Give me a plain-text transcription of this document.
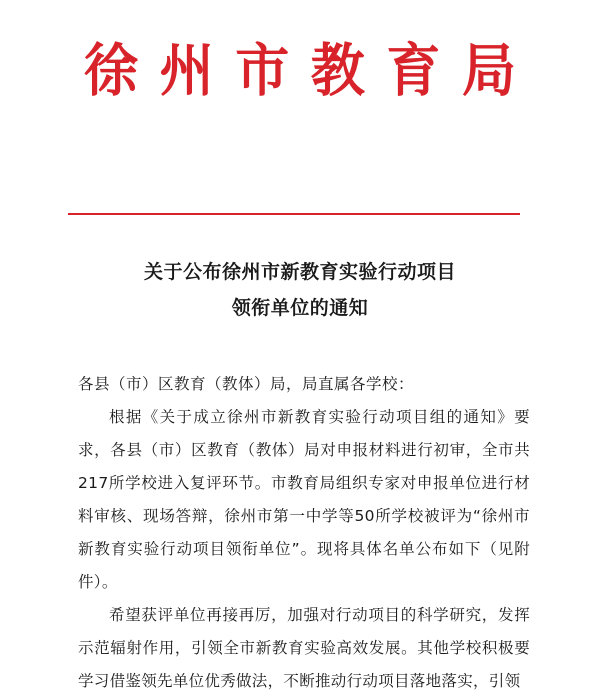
徐 州 市 教 育 局
关于公布徐州市新教育实验行动项目
领衔单位的通知

各县（市）区教育（教体）局，局直属各学校：

根据《关于成立徐州市新教育实验行动项目组的通知》要求，各县（市）区教育（教体）局对申报材料进行初审，全市共217所学校进入复评环节。市教育局组织专家对申报单位进行材料审核、现场答辩，徐州市第一中学等50所学校被评为“徐州市新教育实验行动项目领衔单位”。现将具体名单公布如下（见附件）。

希望获评单位再接再厉，加强对行动项目的科学研究，发挥示范辐射作用，引领全市新教育实验高效发展。其他学校积极要学习借鉴领先单位优秀做法，不断推动行动项目落地落实，引领
